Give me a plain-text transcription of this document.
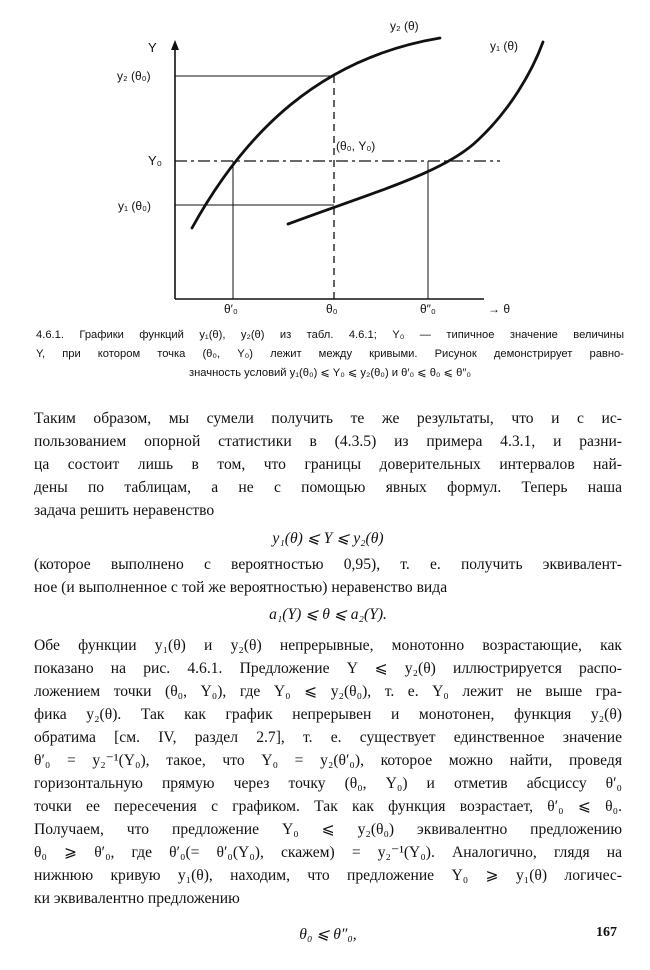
Y
y₂ (θ)
y₁ (θ)
y₂ (θ₀)
Y₀
y₁ (θ₀)
(θ₀, Y₀)
θ′₀	θ₀	θ″₀	→ θ

4.6.1. Графики функций y₁(θ), y₂(θ) из табл. 4.6.1; Y₀ — типичное значение величины

Y, при котором точка (θ₀, Y₀) лежит между кривыми. Рисунок демонстрирует равно-

значность условий y₁(θ₀) ⩽ Y₀ ⩽ y₂(θ₀) и θ′₀ ⩽ θ₀ ⩽ θ″₀

Таким образом, мы сумели получить те же результаты, что и с ис-
пользованием опорной статистики в (4.3.5) из примера 4.3.1, и разни-
ца состоит лишь в том, что границы доверительных интервалов най-
дены по таблицам, а не с помощью явных формул. Теперь наша
задача решить неравенство
y₁(θ) ⩽ Y ⩽ y₂(θ)
(которое выполнено с вероятностью 0,95), т. е. получить эквивалент-
ное (и выполненное с той же вероятностью) неравенство вида
a₁(Y) ⩽ θ ⩽ a₂(Y).
Обе функции y₁(θ) и y₂(θ) непрерывные, монотонно возрастающие, как
показано на рис. 4.6.1. Предложение Y ⩽ y₂(θ) иллюстрируется распо-
ложением точки (θ₀, Y₀), где Y₀ ⩽ y₂(θ₀), т. е. Y₀ лежит не выше гра-
фика y₂(θ). Так как график непрерывен и монотонен, функция y₂(θ)
обратима [см. IV, раздел 2.7], т. е. существует единственное значение
θ′₀ = y₂⁻¹(Y₀), такое, что Y₀ = y₂(θ′₀), которое можно найти, проведя
горизонтальную прямую через точку (θ₀, Y₀) и отметив абсциссу θ′₀
точки ее пересечения с графиком. Так как функция возрастает, θ′₀ ⩽ θ₀.
Получаем, что предложение Y₀ ⩽ y₂(θ₀) эквивалентно предложению
θ₀ ⩾ θ′₀, где θ′₀(= θ′₀(Y₀), скажем) = y₂⁻¹(Y₀). Аналогично, глядя на
нижнюю кривую y₁(θ), находим, что предложение Y₀ ⩾ y₁(θ) логичес-
ки эквивалентно предложению
θ₀ ⩽ θ″₀,	167
